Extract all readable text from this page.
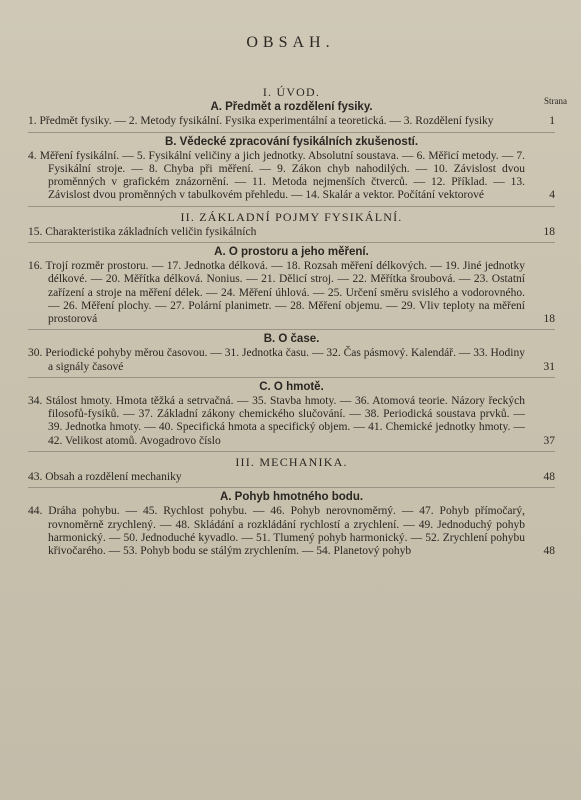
OBSAH.
Strana
I. ÚVOD.
A. Předmět a rozdělení fysiky.
1. Předmět fysiky. — 2. Metody fysikální. Fysika experimentální a teoretická. — 3. Rozdělení fysiky	1
B. Vědecké zpracování fysikálních zkušeností.
4. Měření fysikální. — 5. Fysikální veličiny a jich jednotky. Absolutní soustava. — 6. Měřicí metody. — 7. Fysikální stroje. — 8. Chyba při měření. — 9. Zákon chyb nahodilých. — 10. Závislost dvou proměnných v grafickém znázornění. — 11. Metoda nejmenších čtverců. — 12. Příklad. — 13. Závislost dvou proměnných v tabulkovém přehledu. — 14. Skalár a vektor. Počítání vektorové	4
II. ZÁKLADNÍ POJMY FYSIKÁLNÍ.
15. Charakteristika základních veličin fysikálních	18
A. O prostoru a jeho měření.
16. Trojí rozměr prostoru. — 17. Jednotka délková. — 18. Rozsah měření délkových. — 19. Jiné jednotky délkové. — 20. Měřítka délková. Nonius. — 21. Dělicí stroj. — 22. Měřítka šroubová. — 23. Ostatní zařízení a stroje na měření délek. — 24. Měření úhlová. — 25. Určení směru svislého a vodorovného. — 26. Měření plochy. — 27. Polární planimetr. — 28. Měření objemu. — 29. Vliv teploty na měření prostorová	18
B. O čase.
30. Periodické pohyby měrou časovou. — 31. Jednotka času. — 32. Čas pásmový. Kalendář. — 33. Hodiny a signály časové	31
C. O hmotě.
34. Stálost hmoty. Hmota těžká a setrvačná. — 35. Stavba hmoty. — 36. Atomová teorie. Názory řeckých filosofů-fysiků. — 37. Základní zákony chemického slučování. — 38. Periodická soustava prvků. — 39. Jednotka hmoty. — 40. Specifická hmota a specifický objem. — 41. Chemické jednotky hmoty. — 42. Velikost atomů. Avogadrovo číslo	37
III. MECHANIKA.
43. Obsah a rozdělení mechaniky	48
A. Pohyb hmotného bodu.
44. Dráha pohybu. — 45. Rychlost pohybu. — 46. Pohyb nerovnoměrný. — 47. Pohyb přímočarý, rovnoměrně zrychlený. — 48. Skládání a rozkládání rychlostí a zrychlení. — 49. Jednoduchý pohyb harmonický. — 50. Jednoduché kyvadlo. — 51. Tlumený pohyb harmonický. — 52. Zrychlení pohybu křivočarého. — 53. Pohyb bodu se stálým zrychlením. — 54. Planetový pohyb	48
